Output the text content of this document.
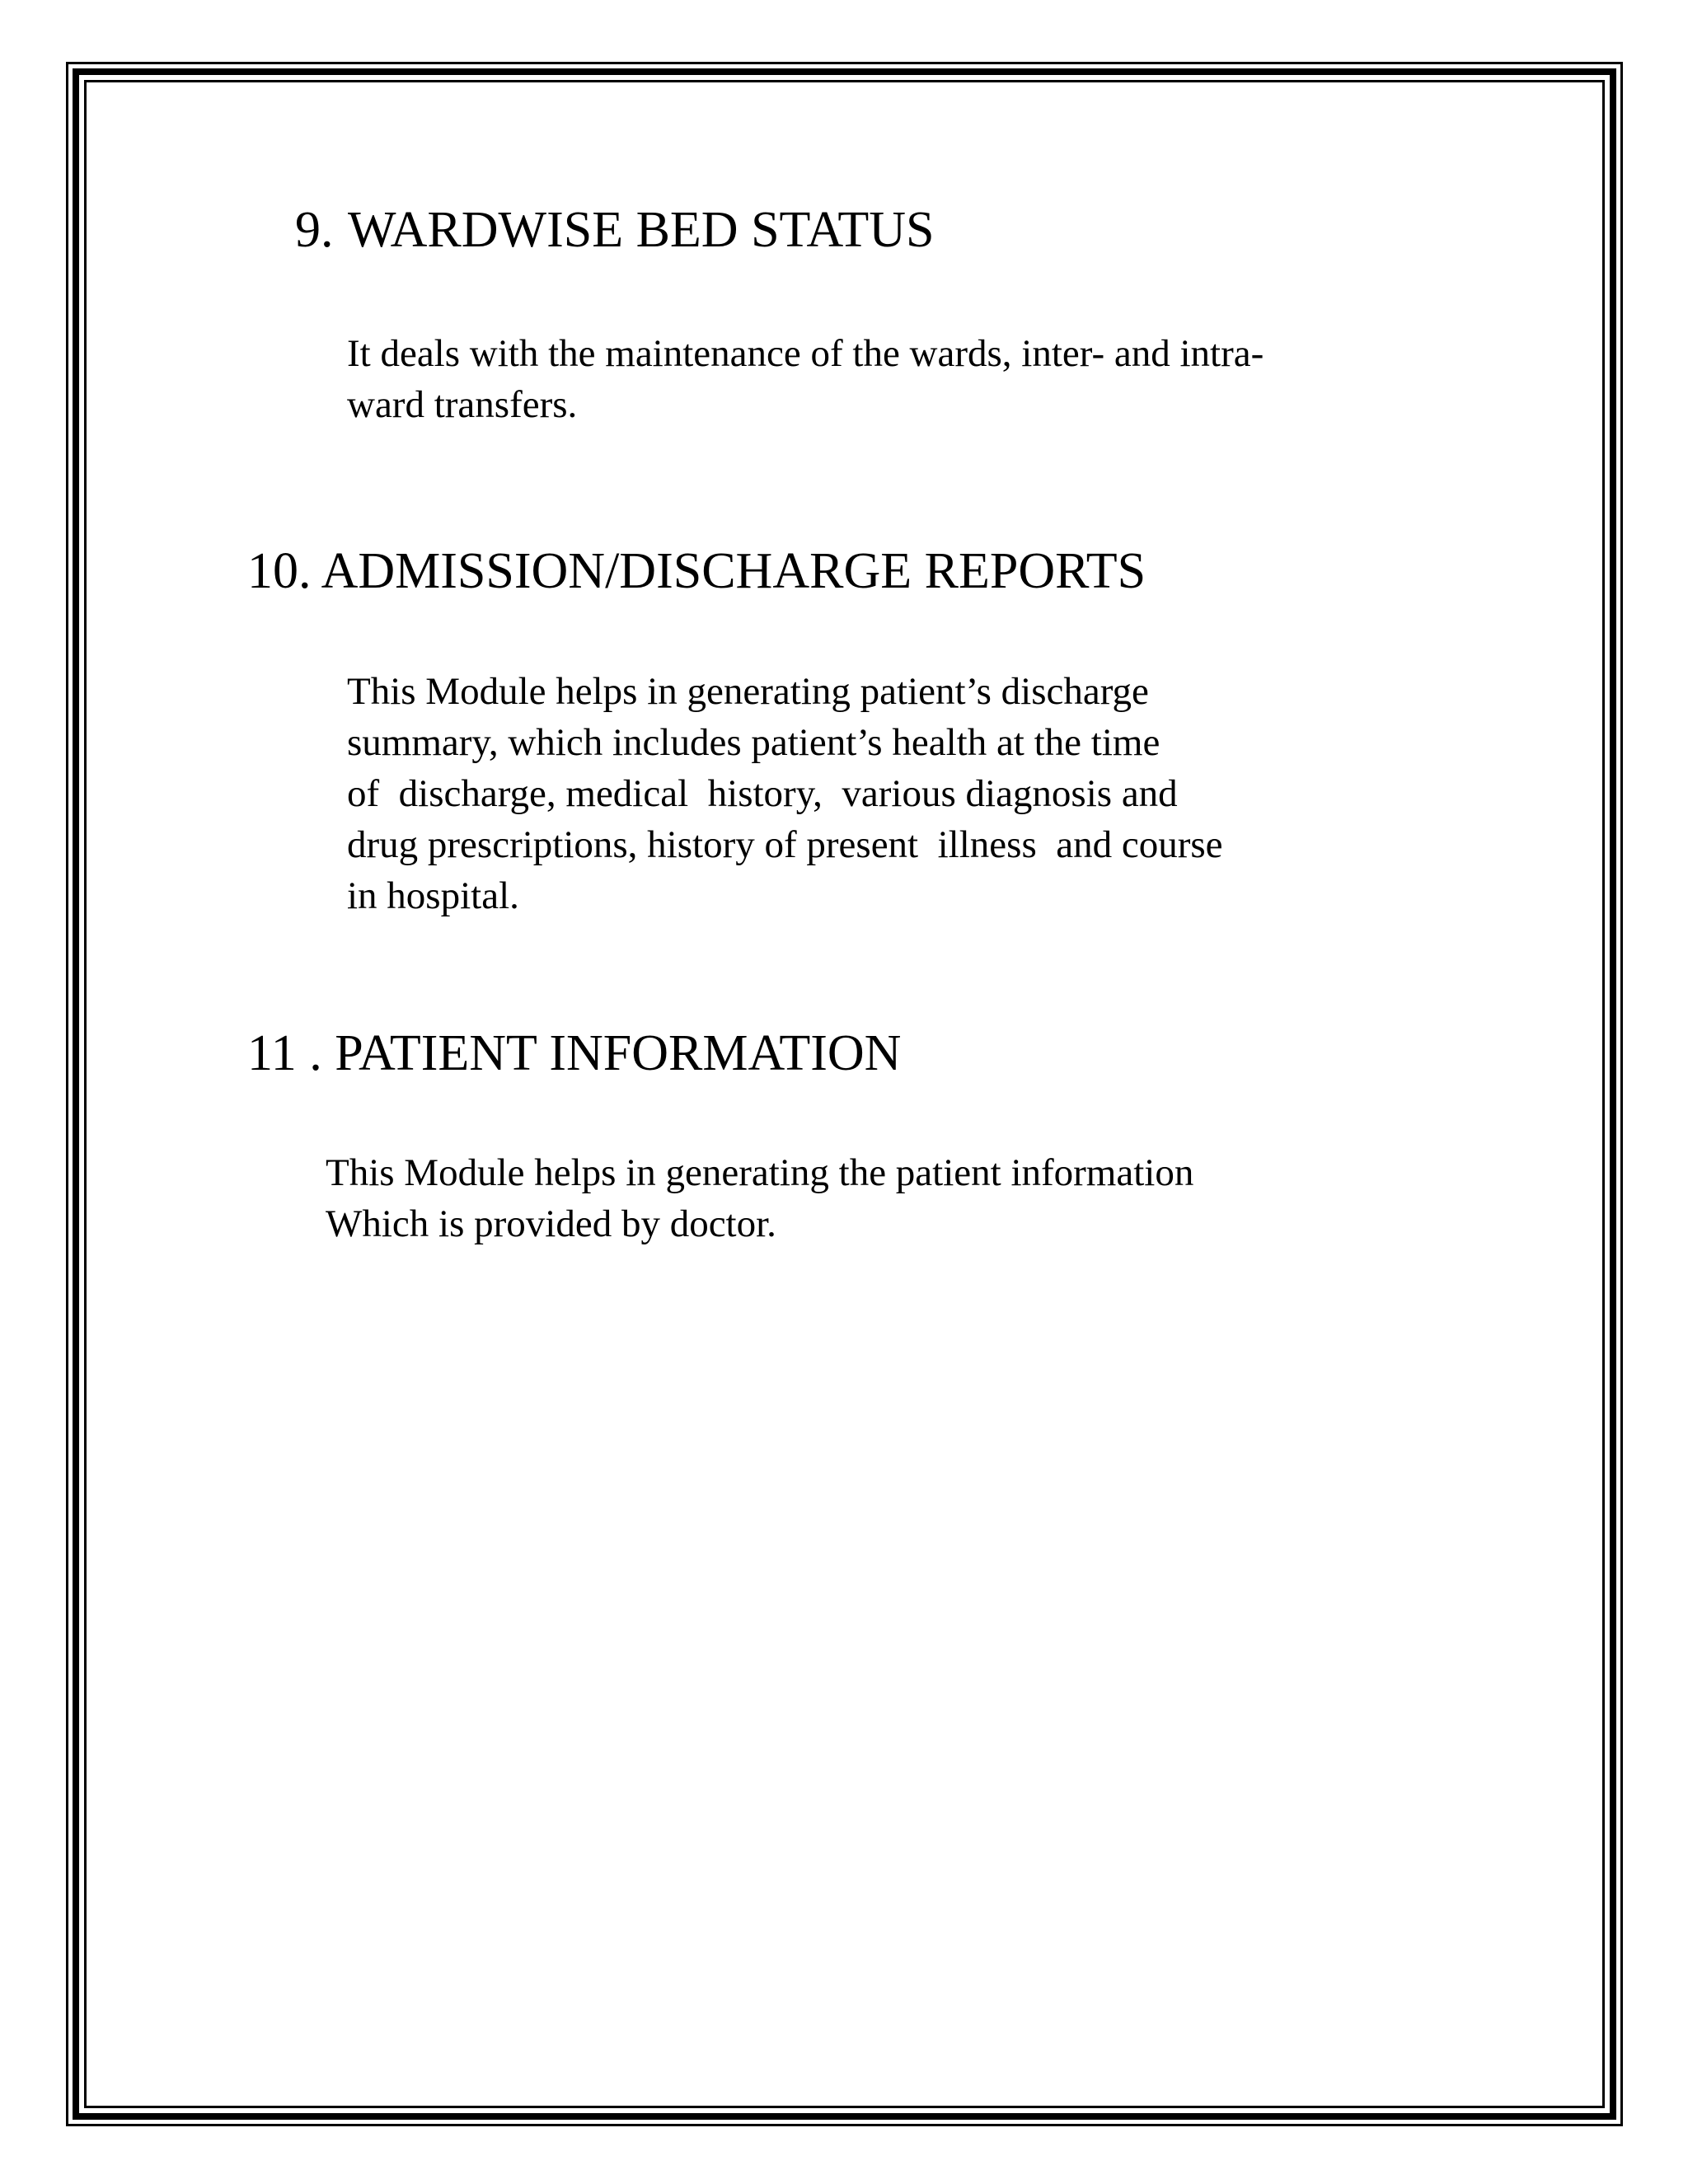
9. WARDWISE BED STATUS

It deals with the maintenance of the wards, inter- and intra-
ward transfers.

10. ADMISSION/DISCHARGE REPORTS

This Module helps in generating patient’s discharge
summary, which includes patient’s health at the time
of  discharge, medical  history,  various diagnosis and
drug prescriptions, history of present  illness  and course
in hospital.

11 . PATIENT INFORMATION

This Module helps in generating the patient information
Which is provided by doctor.
